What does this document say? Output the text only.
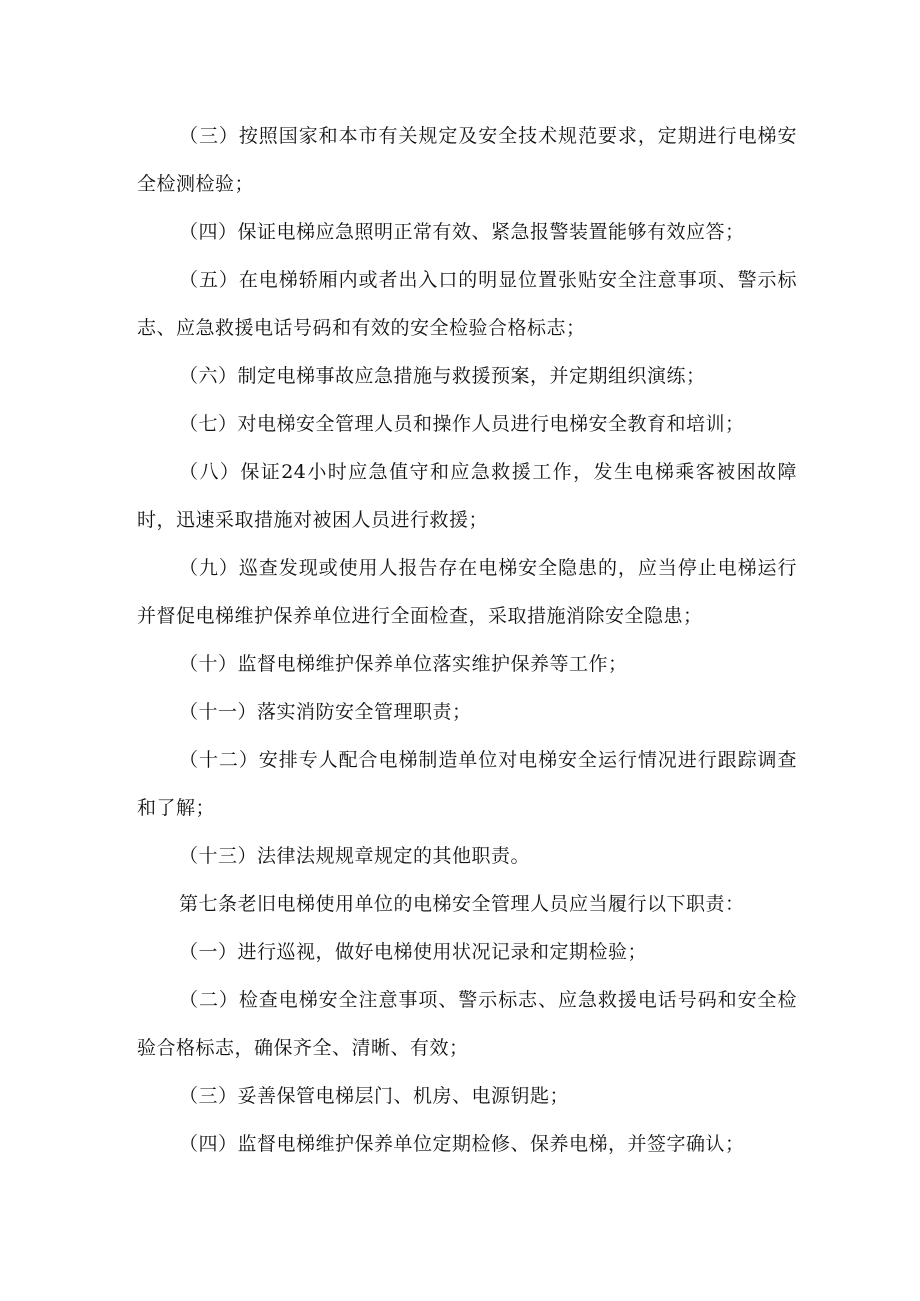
（三）按照国家和本市有关规定及安全技术规范要求，定期进行电梯安全检测检验；

（四）保证电梯应急照明正常有效、紧急报警装置能够有效应答；

（五）在电梯轿厢内或者出入口的明显位置张贴安全注意事项、警示标志、应急救援电话号码和有效的安全检验合格标志；

（六）制定电梯事故应急措施与救援预案，并定期组织演练；

（七）对电梯安全管理人员和操作人员进行电梯安全教育和培训；

（八）保证24小时应急值守和应急救援工作，发生电梯乘客被困故障时，迅速采取措施对被困人员进行救援；

（九）巡查发现或使用人报告存在电梯安全隐患的，应当停止电梯运行并督促电梯维护保养单位进行全面检查，采取措施消除安全隐患；

（十）监督电梯维护保养单位落实维护保养等工作；

（十一）落实消防安全管理职责；

（十二）安排专人配合电梯制造单位对电梯安全运行情况进行跟踪调查和了解；

（十三）法律法规规章规定的其他职责。

第七条老旧电梯使用单位的电梯安全管理人员应当履行以下职责：

（一）进行巡视，做好电梯使用状况记录和定期检验；

（二）检查电梯安全注意事项、警示标志、应急救援电话号码和安全检验合格标志，确保齐全、清晰、有效；

（三）妥善保管电梯层门、机房、电源钥匙；

（四）监督电梯维护保养单位定期检修、保养电梯，并签字确认；
